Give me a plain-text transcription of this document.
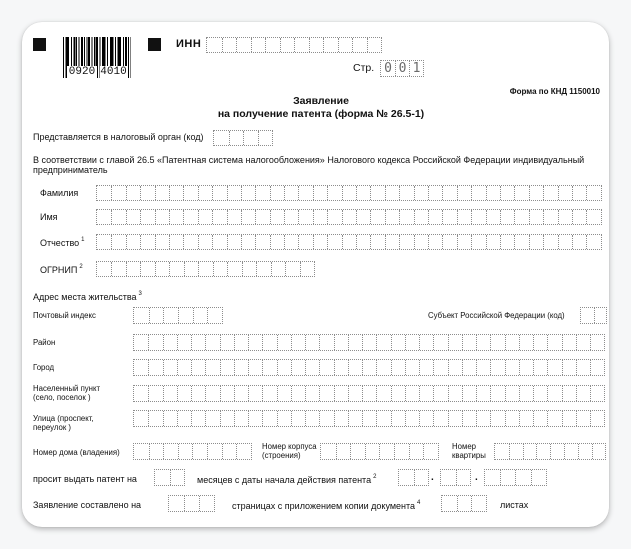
0920 4010
ИНН
Стр. 0 0 1
Форма по КНД 1150010
Заявление
на получение патента (форма № 26.5-1)
Представляется в налоговый орган (код)
В соответствии с главой 26.5 «Патентная система налогообложения» Налогового кодекса Российской Федерации индивидуальный
предприниматель
Фамилия
Имя
Отчество $^1$
ОГРНИП $^2$
Адрес места жительства $^3$
Почтовый индекс	Субъект Российской Федерации (код)
Район
Город
Населенный пункт
(село, поселок )
Улица (проспект,
переулок )
Номер дома (владения)
Номер корпуса
(строения)
Номер
квартиры
просит выдать патент на	месяцев с даты начала действия патента $^2$	.	.
Заявление составлено на	страницах с приложением копии документа $^4$	листах
